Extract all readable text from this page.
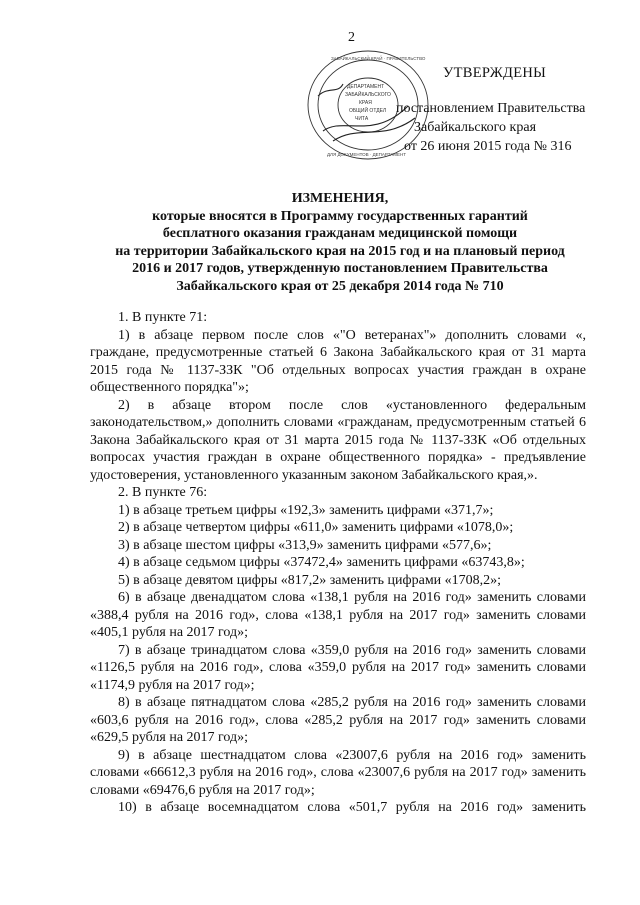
2
ДЕПАРТАМЕНТ
ЗАБАЙКАЛЬСКОГО
КРАЯ
ОБЩИЙ ОТДЕЛ
ЧИТА
ЗАБАЙКАЛЬСКИЙ КРАЙ · ПРАВИТЕЛЬСТВО
ДЛЯ ДОКУМЕНТОВ · ДЕПАРТАМЕНТ
УТВЕРЖДЕНЫ
постановлением Правительства
Забайкальского края
от 26 июня 2015 года № 316
ИЗМЕНЕНИЯ,
которые вносятся в Программу государственных гарантий
бесплатного оказания гражданам медицинской помощи
на территории Забайкальского края на 2015 год и на плановый период
2016 и 2017 годов, утвержденную постановлением Правительства
Забайкальского края от 25 декабря 2014 года № 710

1. В пункте 71:

1) в абзаце первом после слов «"О ветеранах"» дополнить словами «, граждане, предусмотренные статьей 6 Закона Забайкальского края от 31 марта 2015 года № 1137-ЗЗК "Об отдельных вопросах участия граждан в охране общественного порядка"»;

2) в абзаце втором после слов «установленного федеральным законодательством,» дополнить словами «гражданам, предусмотренным статьей 6 Закона Забайкальского края от 31 марта 2015 года № 1137-ЗЗК «Об отдельных вопросах участия граждан в охране общественного порядка» - предъявление удостоверения, установленного указанным законом Забайкальского края,».

2. В пункте 76:

1) в абзаце третьем цифры «192,3» заменить цифрами «371,7»;

2) в абзаце четвертом цифры «611,0» заменить цифрами «1078,0»;

3) в абзаце шестом цифры «313,9» заменить цифрами «577,6»;

4) в абзаце седьмом цифры «37472,4» заменить цифрами «63743,8»;

5) в абзаце девятом цифры «817,2» заменить цифрами «1708,2»;

6) в абзаце двенадцатом слова «138,1 рубля на 2016 год» заменить словами «388,4 рубля на 2016 год», слова «138,1 рубля на 2017 год» заменить словами «405,1 рубля на 2017 год»;

7) в абзаце тринадцатом слова «359,0 рубля на 2016 год» заменить словами «1126,5 рубля на 2016 год», слова «359,0 рубля на 2017 год» заменить словами «1174,9 рубля на 2017 год»;

8) в абзаце пятнадцатом слова «285,2 рубля на 2016 год» заменить словами «603,6 рубля на 2016 год», слова «285,2 рубля на 2017 год» заменить словами «629,5 рубля на 2017 год»;

9) в абзаце шестнадцатом слова «23007,6 рубля на 2016 год» заменить словами «66612,3 рубля на 2016 год», слова «23007,6 рубля на 2017 год» заменить словами «69476,6 рубля на 2017 год»;

10) в абзаце восемнадцатом слова «501,7 рубля на 2016 год» заменить
